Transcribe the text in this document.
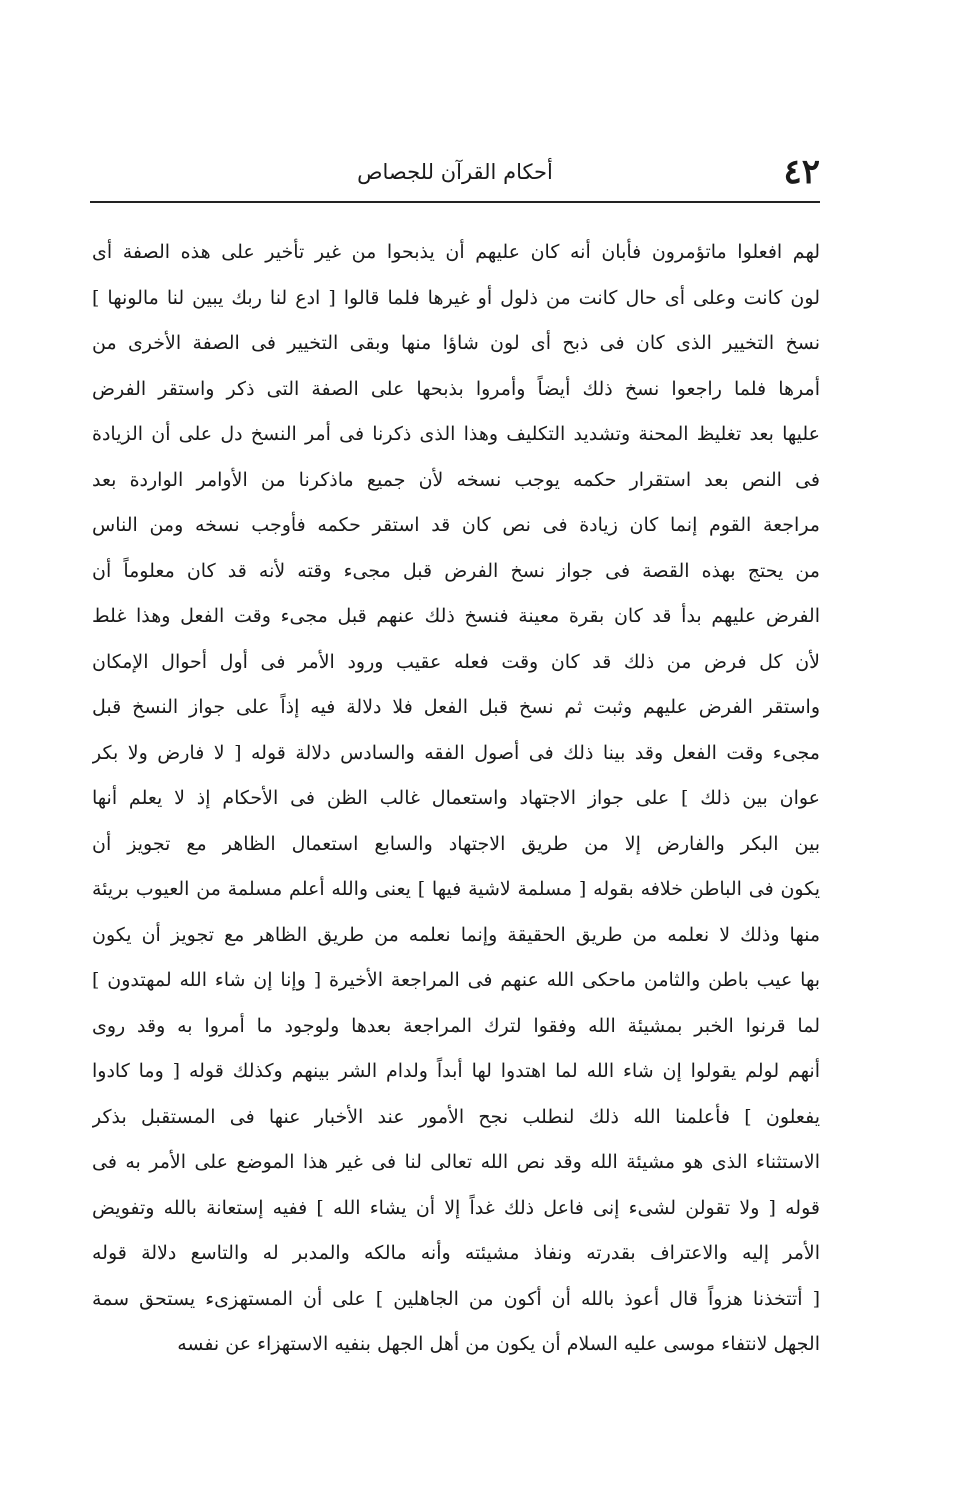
٤٢
أحكام القرآن للجصاص
لهم افعلوا ماتؤمرون فأبان أنه كان عليهم أن يذبحوا من غير تأخير على هذه الصفة أى
لون كانت وعلى أى حال كانت من ذلول أو غيرها فلما قالوا [ ادع لنا ربك يبين لنا مالونها ]
نسخ التخيير الذى كان فى ذبح أى لون شاؤا منها وبقى التخيير فى الصفة الأخرى من
أمرها فلما راجعوا نسخ ذلك أيضاً وأمروا بذبحها على الصفة التى ذكر واستقر الفرض
عليها بعد تغليظ المحنة وتشديد التكليف وهذا الذى ذكرنا فى أمر النسخ دل على أن الزيادة
فى النص بعد استقرار حكمه يوجب نسخه لأن جميع ماذكرنا من الأوامر الواردة بعد
مراجعة القوم إنما كان زيادة فى نص كان قد استقر حكمه فأوجب نسخه ومن الناس
من يحتج بهذه القصة فى جواز نسخ الفرض قبل مجىء وقته لأنه قد كان معلوماً أن
الفرض عليهم بدأ قد كان بقرة معينة فنسخ ذلك عنهم قبل مجىء وقت الفعل وهذا غلط
لأن كل فرض من ذلك قد كان وقت فعله عقيب ورود الأمر فى أول أحوال الإمكان
واستقر الفرض عليهم وثبت ثم نسخ قبل الفعل فلا دلالة فيه إذاً على جواز النسخ قبل
مجىء وقت الفعل وقد بينا ذلك فى أصول الفقه والسادس دلالة قوله [ لا فارض ولا بكر
عوان بين ذلك ] على جواز الاجتهاد واستعمال غالب الظن فى الأحكام إذ لا يعلم أنها
بين البكر والفارض إلا من طريق الاجتهاد والسابع استعمال الظاهر مع تجويز أن
يكون فى الباطن خلافه بقوله [ مسلمة لاشية فيها ] يعنى والله أعلم مسلمة من العيوب بريئة
منها وذلك لا نعلمه من طريق الحقيقة وإنما نعلمه من طريق الظاهر مع تجويز أن يكون
بها عيب باطن والثامن ماحكى الله عنهم فى المراجعة الأخيرة [ وإنا إن شاء الله لمهتدون ]
لما قرنوا الخبر بمشيئة الله وفقوا لترك المراجعة بعدها ولوجود ما أمروا به وقد روى
أنهم لولم يقولوا إن شاء الله لما اهتدوا لها أبداً ولدام الشر بينهم وكذلك قوله [ وما كادوا
يفعلون ] فأعلمنا الله ذلك لنطلب نجح الأمور عند الأخبار عنها فى المستقبل بذكر
الاستثناء الذى هو مشيئة الله وقد نص الله تعالى لنا فى غير هذا الموضع على الأمر به فى
قوله [ ولا تقولن لشىء إنى فاعل ذلك غداً إلا أن يشاء الله ] ففيه إستعانة بالله وتفويض
الأمر إليه والاعتراف بقدرته ونفاذ مشيئته وأنه مالكه والمدبر له والتاسع دلالة قوله
[ أتتخذنا هزواً قال أعوذ بالله أن أكون من الجاهلين ] على أن المستهزىء يستحق سمة
الجهل لانتفاء موسى عليه السلام أن يكون من أهل الجهل بنفيه الاستهزاء عن نفسه
